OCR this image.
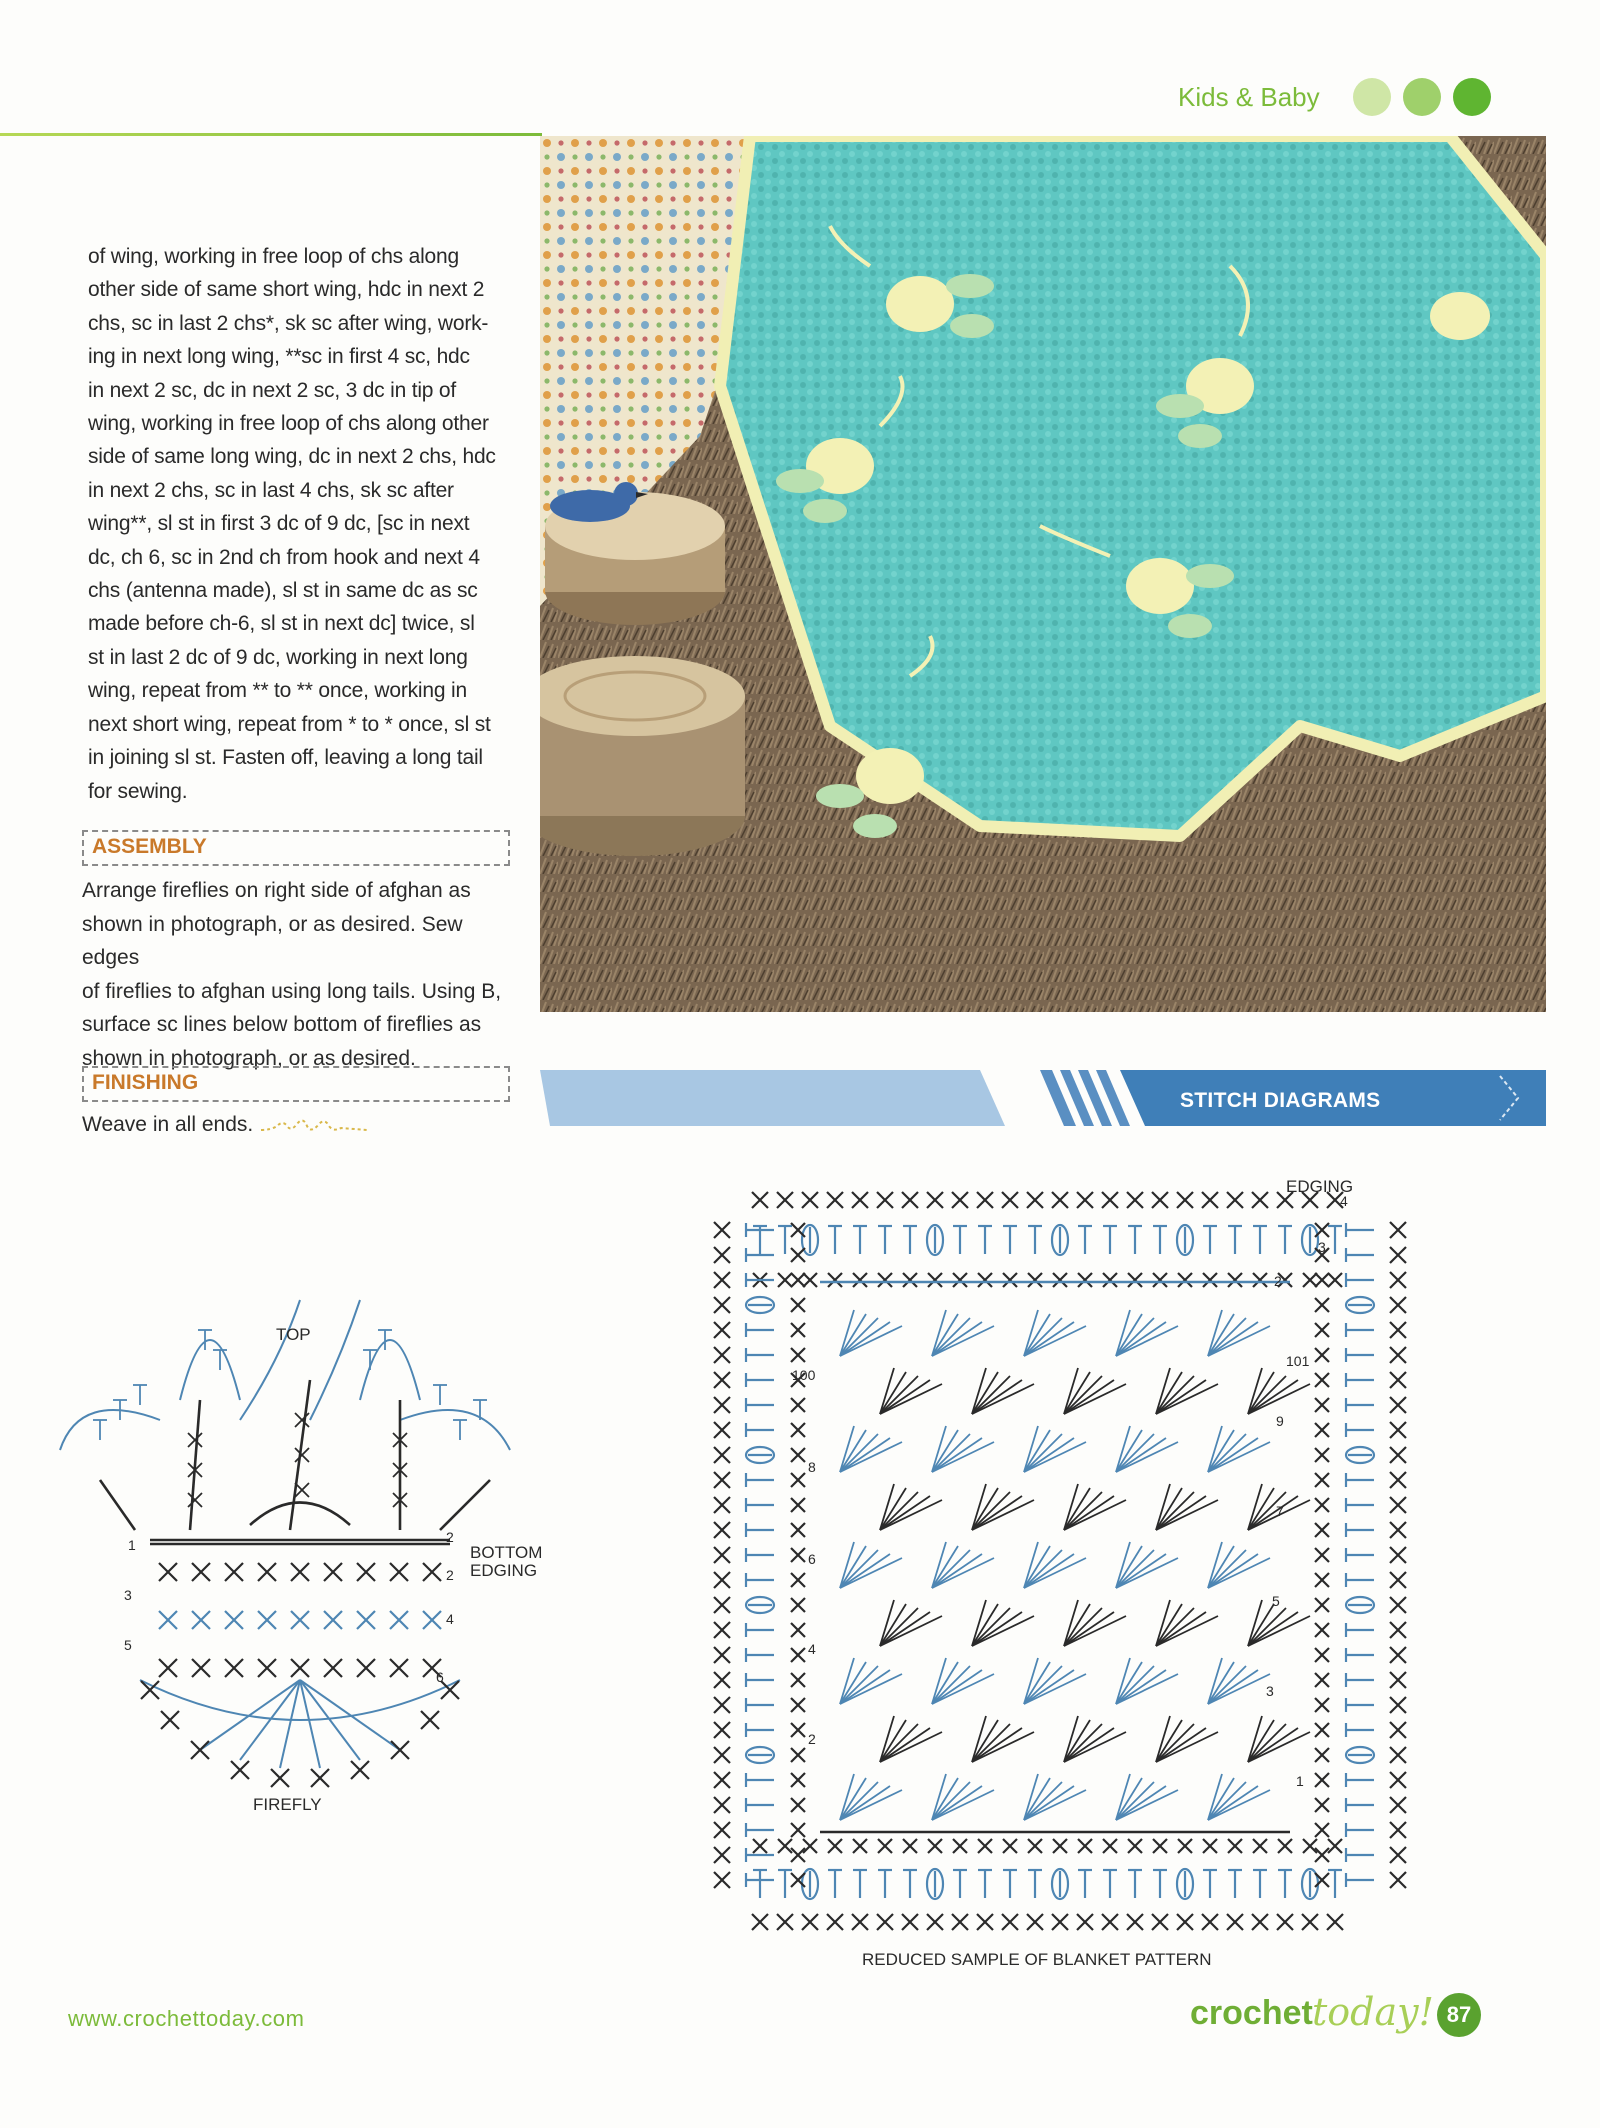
Kids & Baby
of wing, working in free loop of chs along
other side of same short wing, hdc in next 2
chs, sc in last 2 chs*, sk sc after wing, work-
ing in next long wing, **sc in first 4 sc, hdc
in next 2 sc, dc in next 2 sc, 3 dc in tip of
wing, working in free loop of chs along other
side of same long wing, dc in next 2 chs, hdc
in next 2 chs, sc in last 4 chs, sk sc after
wing**, sl st in first 3 dc of 9 dc, [sc in next
dc, ch 6, sc in 2nd ch from hook and next 4
chs (antenna made), sl st in same dc as sc
made before ch-6, sl st in next dc] twice, sl
st in last 2 dc of 9 dc, working in next long
wing, repeat from ** to ** once, working in
next short wing, repeat from * to * once, sl st
in joining sl st. Fasten off, leaving a long tail
for sewing.
ASSEMBLY
Arrange fireflies on right side of afghan as
shown in photograph, or as desired. Sew edges
of fireflies to afghan using long tails. Using B,
surface sc lines below bottom of fireflies as
shown in photograph, or as desired.
FINISHING
Weave in all ends.
STITCH DIAGRAMS
TOP
BOTTOM
EDGING
FIREFLY
1	2
3
2
4
5
6
EDGING
REDUCED SAMPLE OF BLANKET PATTERN
4
3
2
101
100
9
8
7
6
5
4
3
2
1
www.crochettoday.com	crochet today! 87
